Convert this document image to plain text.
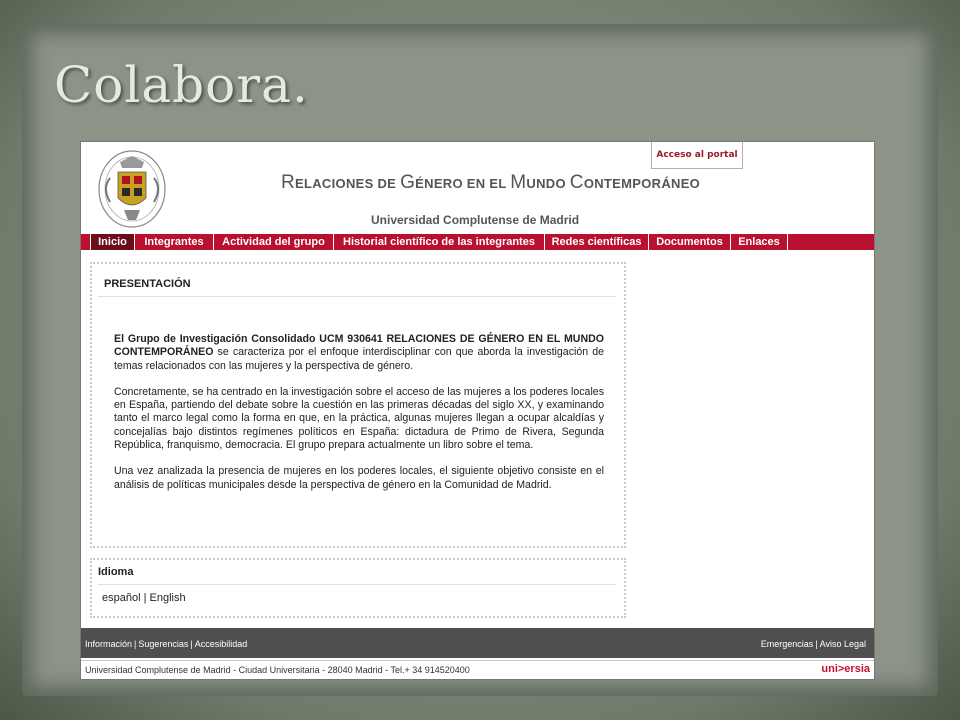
Colabora.
Acceso al portal
RELACIONES DE GÉNERO EN EL MUNDO CONTEMPORÁNEO
Universidad Complutense de Madrid
Inicio	Integrantes	Actividad del grupo	Historial científico de las integrantes	Redes científicas	Documentos	Enlaces
PRESENTACIÓN

El Grupo de Investigación Consolidado UCM 930641 RELACIONES DE GÉNERO EN EL MUNDO CONTEMPORÁNEO se caracteriza por el enfoque interdisciplinar con que aborda la investigación de temas relacionados con las mujeres y la perspectiva de género.

Concretamente, se ha centrado en la investigación sobre el acceso de las mujeres a los poderes locales en España, partiendo del debate sobre la cuestión en las primeras décadas del siglo XX, y examinando tanto el marco legal como la forma en que, en la práctica, algunas mujeres llegan a ocupar alcaldías y concejalías bajo distintos regímenes políticos en España: dictadura de Primo de Rivera, Segunda República, franquismo, democracia. El grupo prepara actualmente un libro sobre el tema.

Una vez analizada la presencia de mujeres en los poderes locales, el siguiente objetivo consiste en el análisis de políticas municipales desde la perspectiva de género en la Comunidad de Madrid.

Idioma
español | English
Información | Sugerencias | Accesibilidad	Emergencias | Aviso Legal
Universidad Complutense de Madrid - Ciudad Universitaria - 28040 Madrid - Tel.+ 34 914520400	uni>ersia
